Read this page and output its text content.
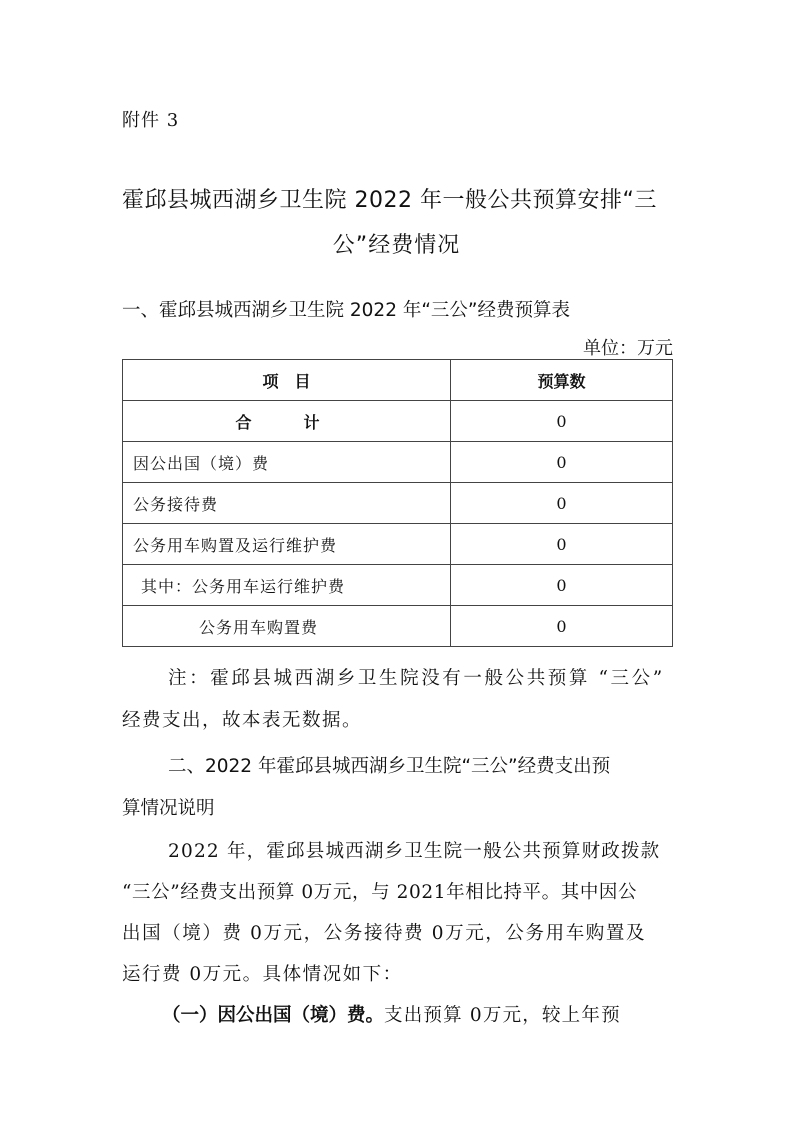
附件 3
霍邱县城西湖乡卫生院 2022 年一般公共预算安排“三
公”经费情况
一、霍邱县城西湖乡卫生院 2022 年“三公”经费预算表
单位：万元
项　目	预算数
合　计	0
因公出国（境）费	0
公务接待费	0
公务用车购置及运行维护费	0
其中：公务用车运行维护费	0
公务用车购置费	0
注：霍邱县城西湖乡卫生院没有一般公共预算 “三公”
经费支出，故本表无数据。
二、2022 年霍邱县城西湖乡卫生院“三公”经费支出预
算情况说明
2022 年，霍邱县城西湖乡卫生院一般公共预算财政拨款
“三公”经费支出预算 0万元，与 2021年相比持平。其中因公
出国（境）费 0万元，公务接待费 0万元，公务用车购置及
运行费 0万元。具体情况如下：
（一）因公出国（境）费。支出预算 0万元，较上年预
